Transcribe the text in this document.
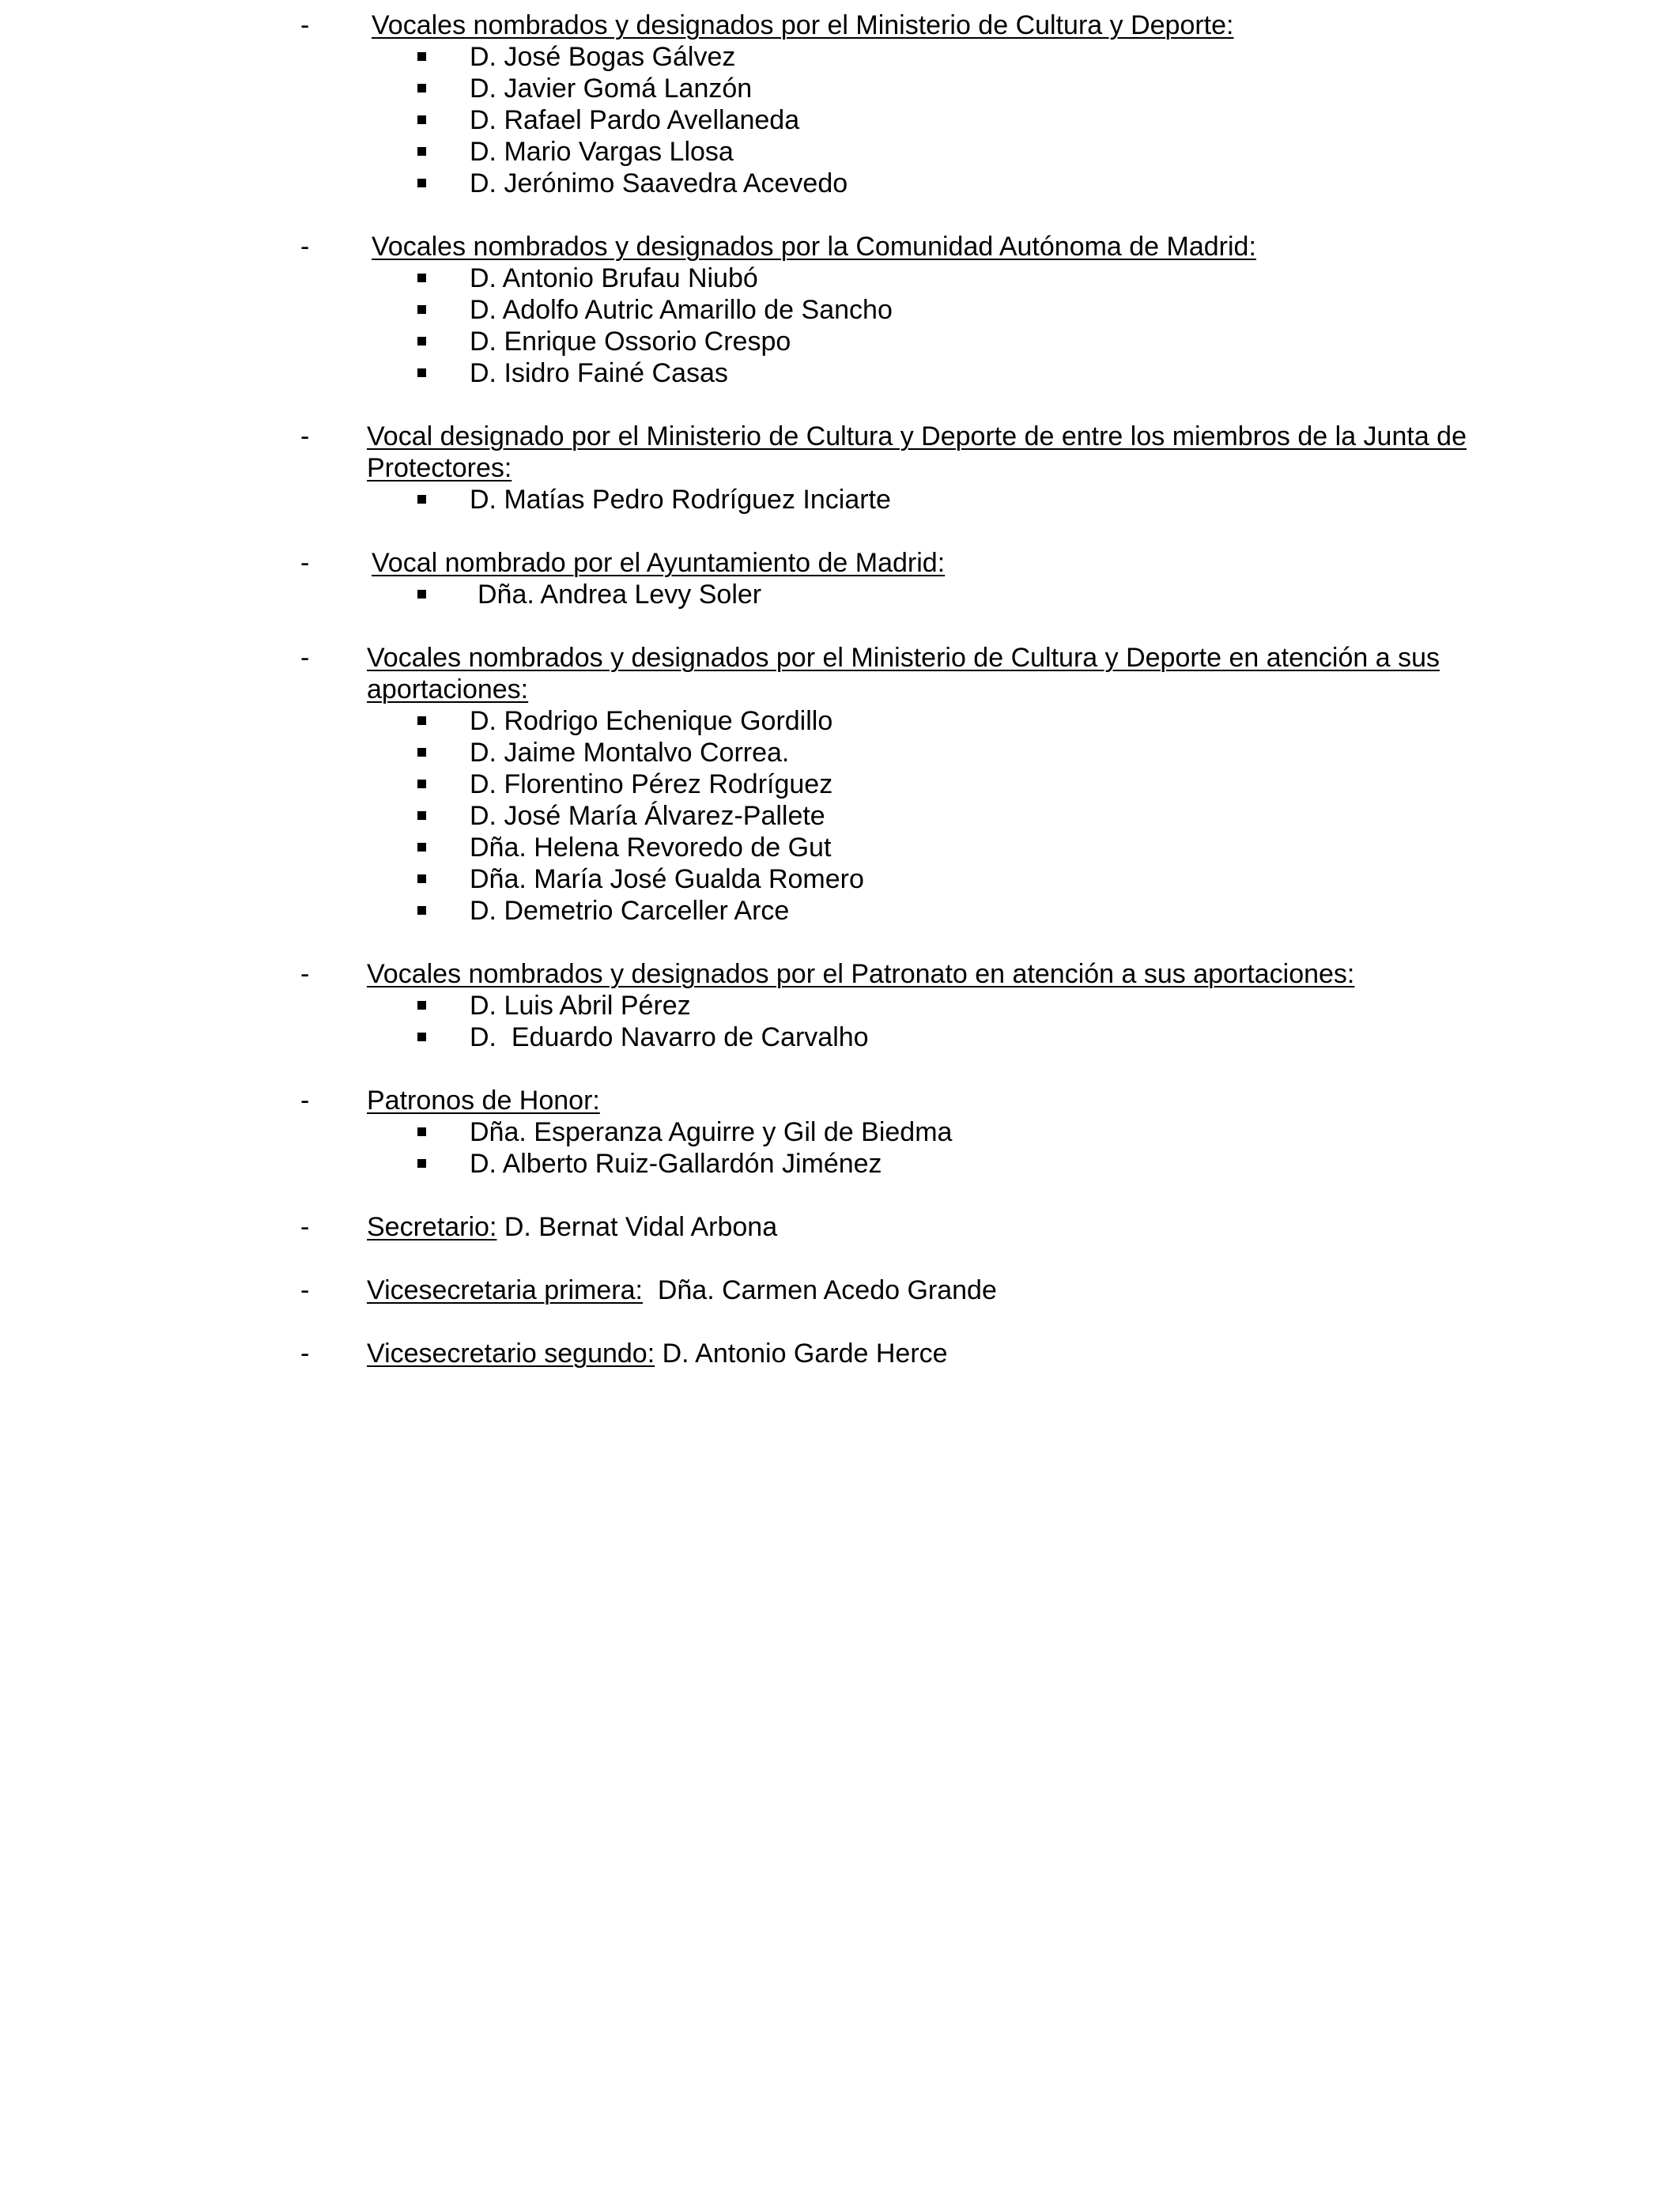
- Vocales nombrados y designados por el Ministerio de Cultura y Deporte:
D. José Bogas Gálvez
D. Javier Gomá Lanzón
D. Rafael Pardo Avellaneda
D. Mario Vargas Llosa
D. Jerónimo Saavedra Acevedo
- Vocales nombrados y designados por la Comunidad Autónoma de Madrid:
D. Antonio Brufau Niubó
D. Adolfo Autric Amarillo de Sancho
D. Enrique Ossorio Crespo
D. Isidro Fainé Casas
- Vocal designado por el Ministerio de Cultura y Deporte de entre los miembros de la Junta de
Protectores:
D. Matías Pedro Rodríguez Inciarte
- Vocal nombrado por el Ayuntamiento de Madrid:
Dña. Andrea Levy Soler
- Vocales nombrados y designados por el Ministerio de Cultura y Deporte en atención a sus
aportaciones:
D. Rodrigo Echenique Gordillo
D. Jaime Montalvo Correa.
D. Florentino Pérez Rodríguez
D. José María Álvarez-Pallete
Dña. Helena Revoredo de Gut
Dña. María José Gualda Romero
D. Demetrio Carceller Arce
- Vocales nombrados y designados por el Patronato en atención a sus aportaciones:
D. Luis Abril Pérez
D.  Eduardo Navarro de Carvalho
- Patronos de Honor:
Dña. Esperanza Aguirre y Gil de Biedma
D. Alberto Ruiz-Gallardón Jiménez
- Secretario: D. Bernat Vidal Arbona
- Vicesecretaria primera:  Dña. Carmen Acedo Grande
- Vicesecretario segundo: D. Antonio Garde Herce
